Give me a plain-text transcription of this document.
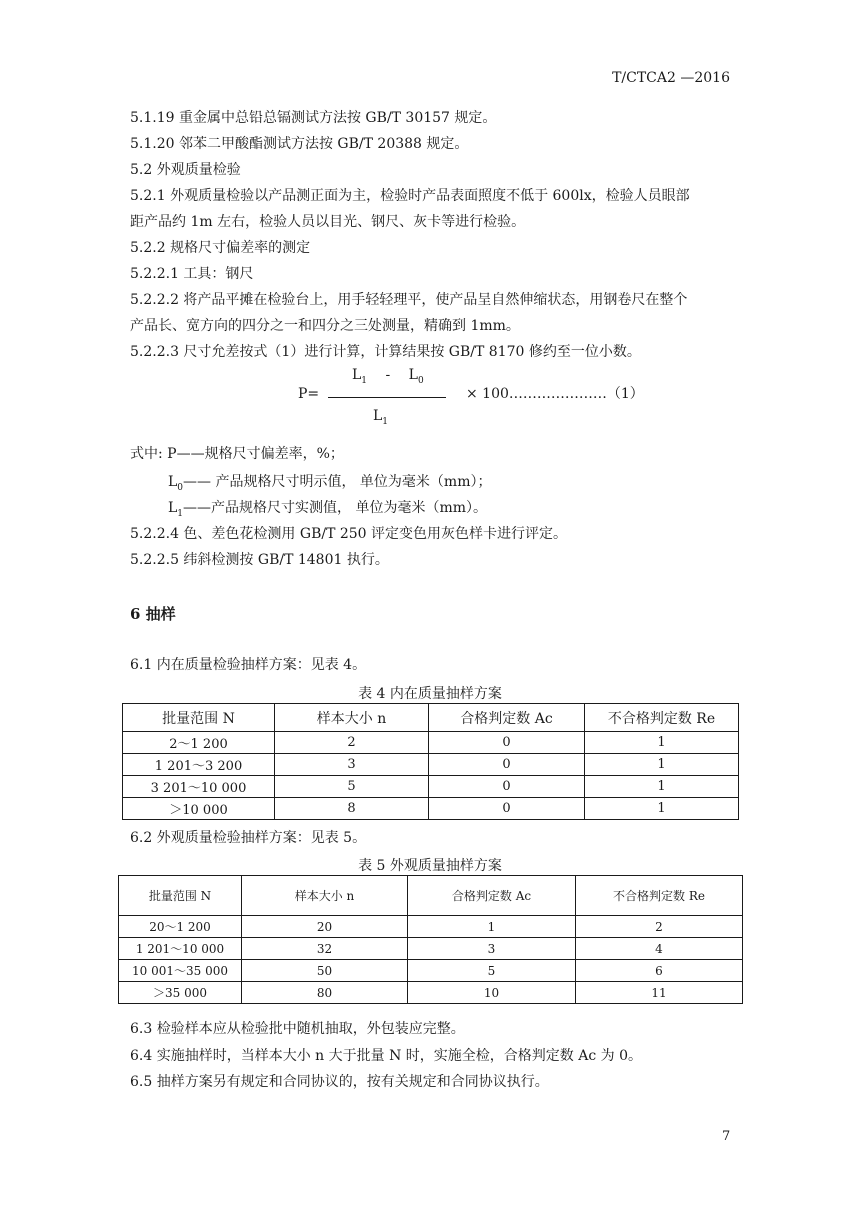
T/CTCA2 —2016
5.1.19 重金属中总铅总镉测试方法按 GB/T 30157 规定。
5.1.20 邻苯二甲酸酯测试方法按 GB/T 20388 规定。
5.2 外观质量检验
5.2.1 外观质量检验以产品测正面为主，检验时产品表面照度不低于 600lx，检验人员眼部
距产品约 1m 左右，检验人员以目光、钢尺、灰卡等进行检验。
5.2.2 规格尺寸偏差率的测定
5.2.2.1 工具：钢尺
5.2.2.2 将产品平摊在检验台上，用手轻轻理平，使产品呈自然伸缩状态，用钢卷尺在整个
产品长、宽方向的四分之一和四分之三处测量，精确到 1mm。
5.2.2.3 尺寸允差按式（1）进行计算，计算结果按 GB/T 8170 修约至一位小数。
$L_1 - L_0$
P=	× 100…………………（1）
$L_1$
式中: P——规格尺寸偏差率，%；
$L_0——$ 产品规格尺寸明示值， 单位为毫米（mm）；
$L_1——$产品规格尺寸实测值， 单位为毫米（mm）。
5.2.2.4 色、差色花检测用 GB/T 250 评定变色用灰色样卡进行评定。
5.2.2.5 纬斜检测按 GB/T 14801 执行。
6 抽样
6.1 内在质量检验抽样方案：见表 4。
表 4 内在质量抽样方案
批量范围 N	样本大小 n	合格判定数 Ac	不合格判定数 Re
2～1 200	2	0	1
1 201～3 200	3	0	1
3 201～10 000	5	0	1
＞10 000	8	0	1
6.2 外观质量检验抽样方案：见表 5。
表 5 外观质量抽样方案
批量范围 N	样本大小 n	合格判定数 Ac	不合格判定数 Re
20～1 200	20	1	2
1 201～10 000	32	3	4
10 001～35 000	50	5	6
＞35 000	80	10	11
6.3 检验样本应从检验批中随机抽取，外包装应完整。
6.4 实施抽样时，当样本大小 n 大于批量 N 时，实施全检，合格判定数 Ac 为 0。
6.5 抽样方案另有规定和合同协议的，按有关规定和合同协议执行。
7
